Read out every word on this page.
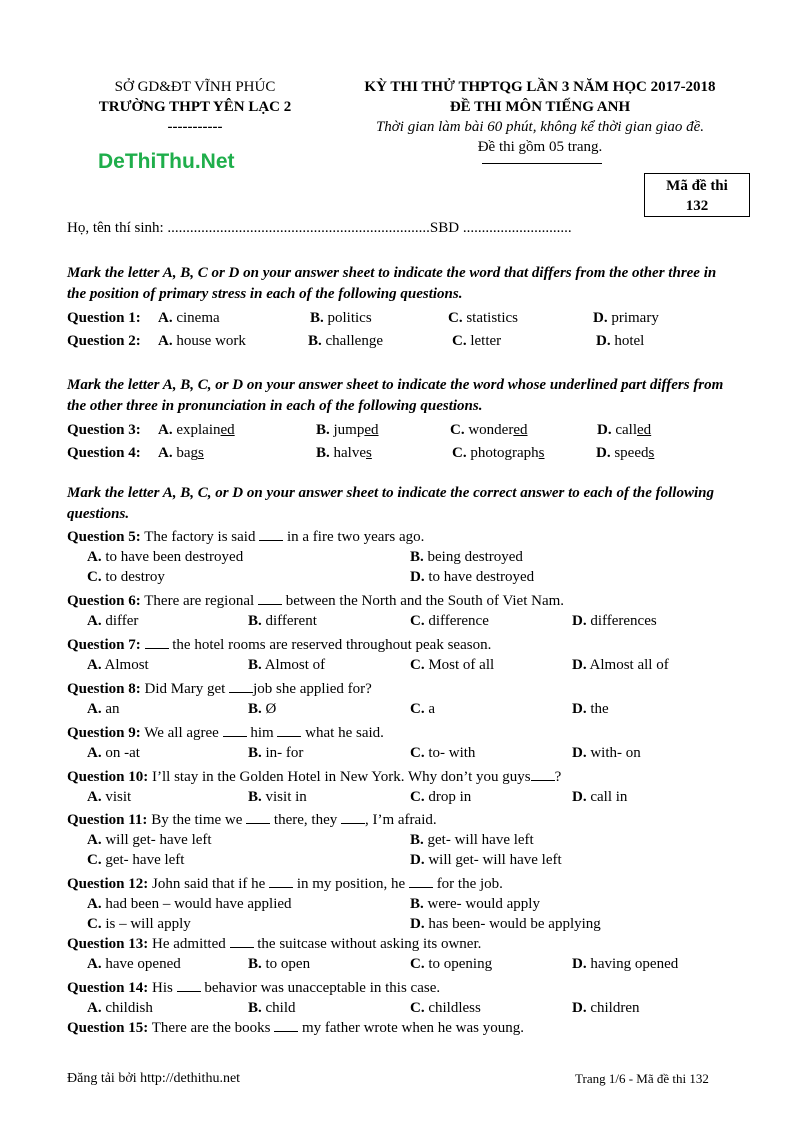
SỞ GD&ĐT VĨNH PHÚC
TRƯỜNG THPT YÊN LẠC 2
-----------
KỲ THI THỬ THPTQG LẦN 3 NĂM HỌC 2017-2018
ĐỀ THI MÔN TIẾNG ANH
Thời gian làm bài 60 phút, không kể thời gian giao đề.
Đề thi gồm 05 trang.
DeThiThu.Net
Mã đề thi
132
Họ, tên thí sinh: ......................................................................SBD .............................
Mark the letter A, B, C or D on your answer sheet to indicate the word that differs from the other three in the position of primary stress in each of the following questions.
Question 1: A. cinema	B. politics	C. statistics	D. primary
Question 2: A. house work	B. challenge	C. letter	D. hotel
Mark the letter A, B, C, or D on your answer sheet to indicate the word whose underlined part differs from the other three in pronunciation in each of the following questions.
Question 3: A. explained	B. jumped	C. wondered	D. called
Question 4: A. bags	B. halves	C. photographs	D. speeds
Mark the letter A, B, C, or D on your answer sheet to indicate the correct answer to each of the following questions.
Question 5: The factory is said in a fire two years ago.
A. to have been destroyed	B. being destroyed
C. to destroy	D. to have destroyed
Question 6: There are regional between the North and the South of Viet Nam.
A. differ	B. different	C. difference	D. differences
Question 7: the hotel rooms are reserved throughout peak season.
A. Almost	B. Almost of	C. Most of all	D. Almost all of
Question 8: Did Mary get job she applied for?
A. an	B. Ø	C. a	D. the
Question 9: We all agree him what he said.
A. on -at	B. in- for	C. to- with	D. with- on
Question 10: I’ll stay in the Golden Hotel in New York. Why don’t you guys ?
A. visit	B. visit in	C. drop in	D. call in
Question 11: By the time we there, they , I’m afraid.
A. will get- have left	B. get- will have left
C. get- have left	D. will get- will have left
Question 12: John said that if he in my position, he for the job.
A. had been – would have applied	B. were- would apply
C. is – will apply	D. has been- would be applying
Question 13: He admitted the suitcase without asking its owner.
A. have opened	B. to open	C. to opening	D. having opened
Question 14: His behavior was unacceptable in this case.
A. childish	B. child	C. childless	D. children
Question 15: There are the books my father wrote when he was young.
Đăng tải bởi http://dethithu.net	Trang 1/6 - Mã đề thi 132
